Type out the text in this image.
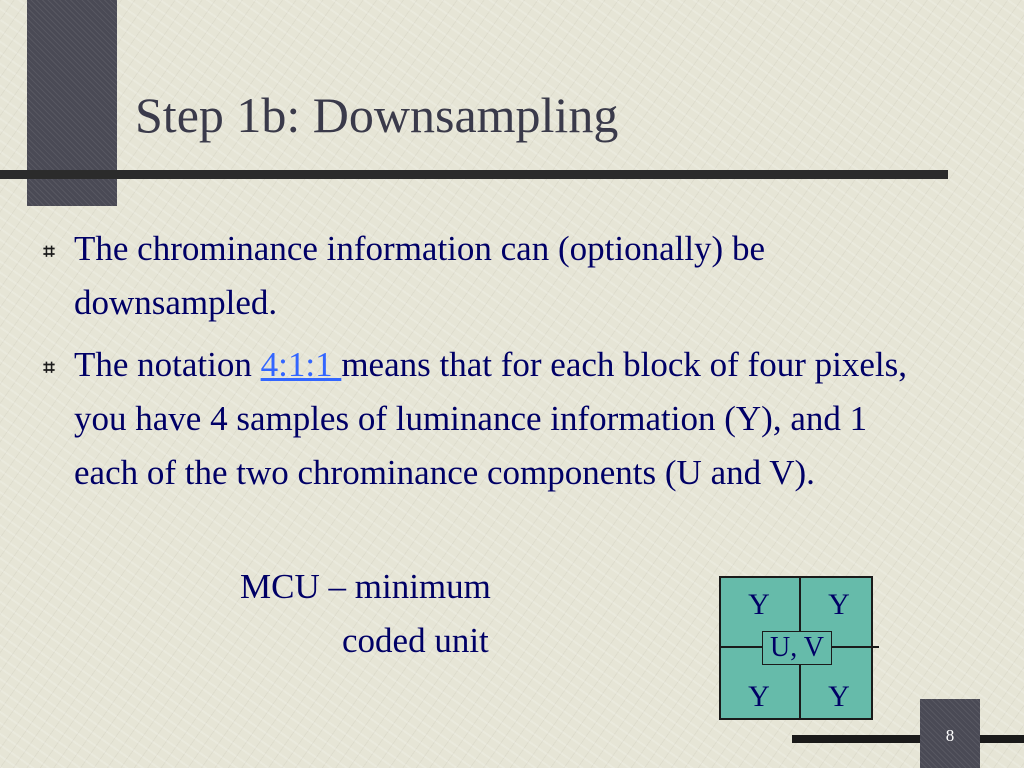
Step 1b: Downsampling
⌗ The chrominance information can (optionally) be downsampled.
⌗ The notation 4:1:1 means that for each block of four pixels, you have 4 samples of luminance information (Y), and 1 each of the two chrominance components (U and V).
MCU – minimum
coded unit
Y	Y
Y	Y
U, V
8
